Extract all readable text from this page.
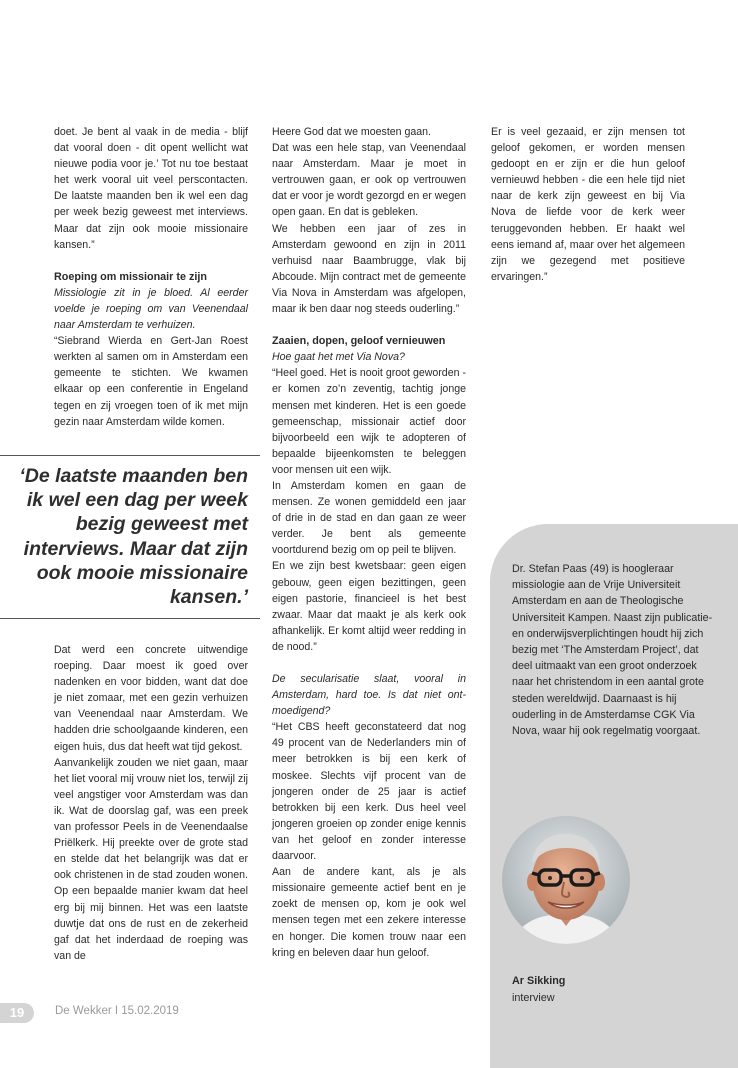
doet. Je bent al vaak in de media - blijf dat vooral doen - dit opent wellicht wat nieuwe podia voor je.’ Tot nu toe bestaat het werk vooral uit veel perscontacten. De laatste maanden ben ik wel een dag per week bezig geweest met interviews. Maar dat zijn ook mooie missionaire kansen.”

Roeping om missionair te zijn

Missiologie zit in je bloed. Al eerder voelde je roeping om van Veenendaal naar Amsterdam te verhuizen.

“Siebrand Wierda en Gert-Jan Roest werkten al samen om in Amsterdam een gemeente te stichten. We kwamen elkaar op een conferentie in Engeland tegen en zij vroegen toen of ik met mijn gezin naar Amsterdam wilde komen.

‘De laatste maanden ben ik wel een dag per week bezig geweest met interviews. Maar dat zijn ook mooie missionaire kansen.’

Dat werd een concrete uitwendige roeping. Daar moest ik goed over nadenken en voor bidden, want dat doe je niet zomaar, met een gezin verhuizen van Veenendaal naar Amsterdam. We hadden drie schoolgaande kinderen, een eigen huis, dus dat heeft wat tijd gekost.

Aanvankelijk zouden we niet gaan, maar het liet vooral mij vrouw niet los, terwijl zij veel angstiger voor Amsterdam was dan ik. Wat de doorslag gaf, was een preek van professor Peels in de Veenendaalse Priëlkerk. Hij preekte over de grote stad en stelde dat het belangrijk was dat er ook christenen in de stad zouden wonen. Op een bepaalde manier kwam dat heel erg bij mij binnen. Het was een laatste duwtje dat ons de rust en de zekerheid gaf dat het inderdaad de roeping was van de

Heere God dat we moesten gaan.

Dat was een hele stap, van Veenendaal naar Amsterdam. Maar je moet in vertrouwen gaan, er ook op vertrouwen dat er voor je wordt gezorgd en er wegen open gaan. En dat is gebleken.

We hebben een jaar of zes in Amsterdam gewoond en zijn in 2011 verhuisd naar Baambrugge, vlak bij Abcoude. Mijn contract met de gemeente Via Nova in Amsterdam was afgelopen, maar ik ben daar nog steeds ouderling.”

Zaaien, dopen, geloof vernieuwen

Hoe gaat het met Via Nova?

“Heel goed. Het is nooit groot geworden - er komen zo’n zeventig, tachtig jonge mensen met kinderen. Het is een goede gemeenschap, missionair actief door bijvoorbeeld een wijk te adopteren of bepaalde bijeenkomsten te beleggen voor mensen uit een wijk.

In Amsterdam komen en gaan de mensen. Ze wonen gemiddeld een jaar of drie in de stad en dan gaan ze weer verder. Je bent als gemeente voortdurend bezig om op peil te blijven.

En we zijn best kwetsbaar: geen eigen gebouw, geen eigen bezittingen, geen eigen pastorie, financieel is het best zwaar. Maar dat maakt je als kerk ook afhankelijk. Er komt altijd weer redding in de nood.”

De secularisatie slaat, vooral in Amsterdam, hard toe. Is dat niet ont-moedigend?

“Het CBS heeft geconstateerd dat nog 49 procent van de Nederlanders min of meer betrokken is bij een kerk of moskee. Slechts vijf procent van de jongeren onder de 25 jaar is actief betrokken bij een kerk. Dus heel veel jongeren groeien op zonder enige kennis van het geloof en zonder interesse daarvoor.

Aan de andere kant, als je als missionaire gemeente actief bent en je zoekt de mensen op, kom je ook wel mensen tegen met een zekere interesse en honger. Die komen trouw naar een kring en beleven daar hun geloof.

Er is veel gezaaid, er zijn mensen tot geloof gekomen, er worden mensen gedoopt en er zijn er die hun geloof vernieuwd hebben - die een hele tijd niet naar de kerk zijn geweest en bij Via Nova de liefde voor de kerk weer teruggevonden hebben. Er haakt wel eens iemand af, maar over het algemeen zijn we gezegend met positieve ervaringen.”

Dr. Stefan Paas (49) is hoogleraar missiologie aan de Vrije Universiteit Amsterdam en aan de Theologische Universiteit Kampen. Naast zijn publicatie- en onderwijsverplichtingen houdt hij zich bezig met ‘The Amsterdam Project’, dat deel uitmaakt van een groot onderzoek naar het christendom in een aantal grote steden wereldwijd. Daarnaast is hij ouderling in de Amsterdamse CGK Via Nova, waar hij ook regelmatig voorgaat.
Ar Sikking
interview
19	De Wekker I 15.02.2019
